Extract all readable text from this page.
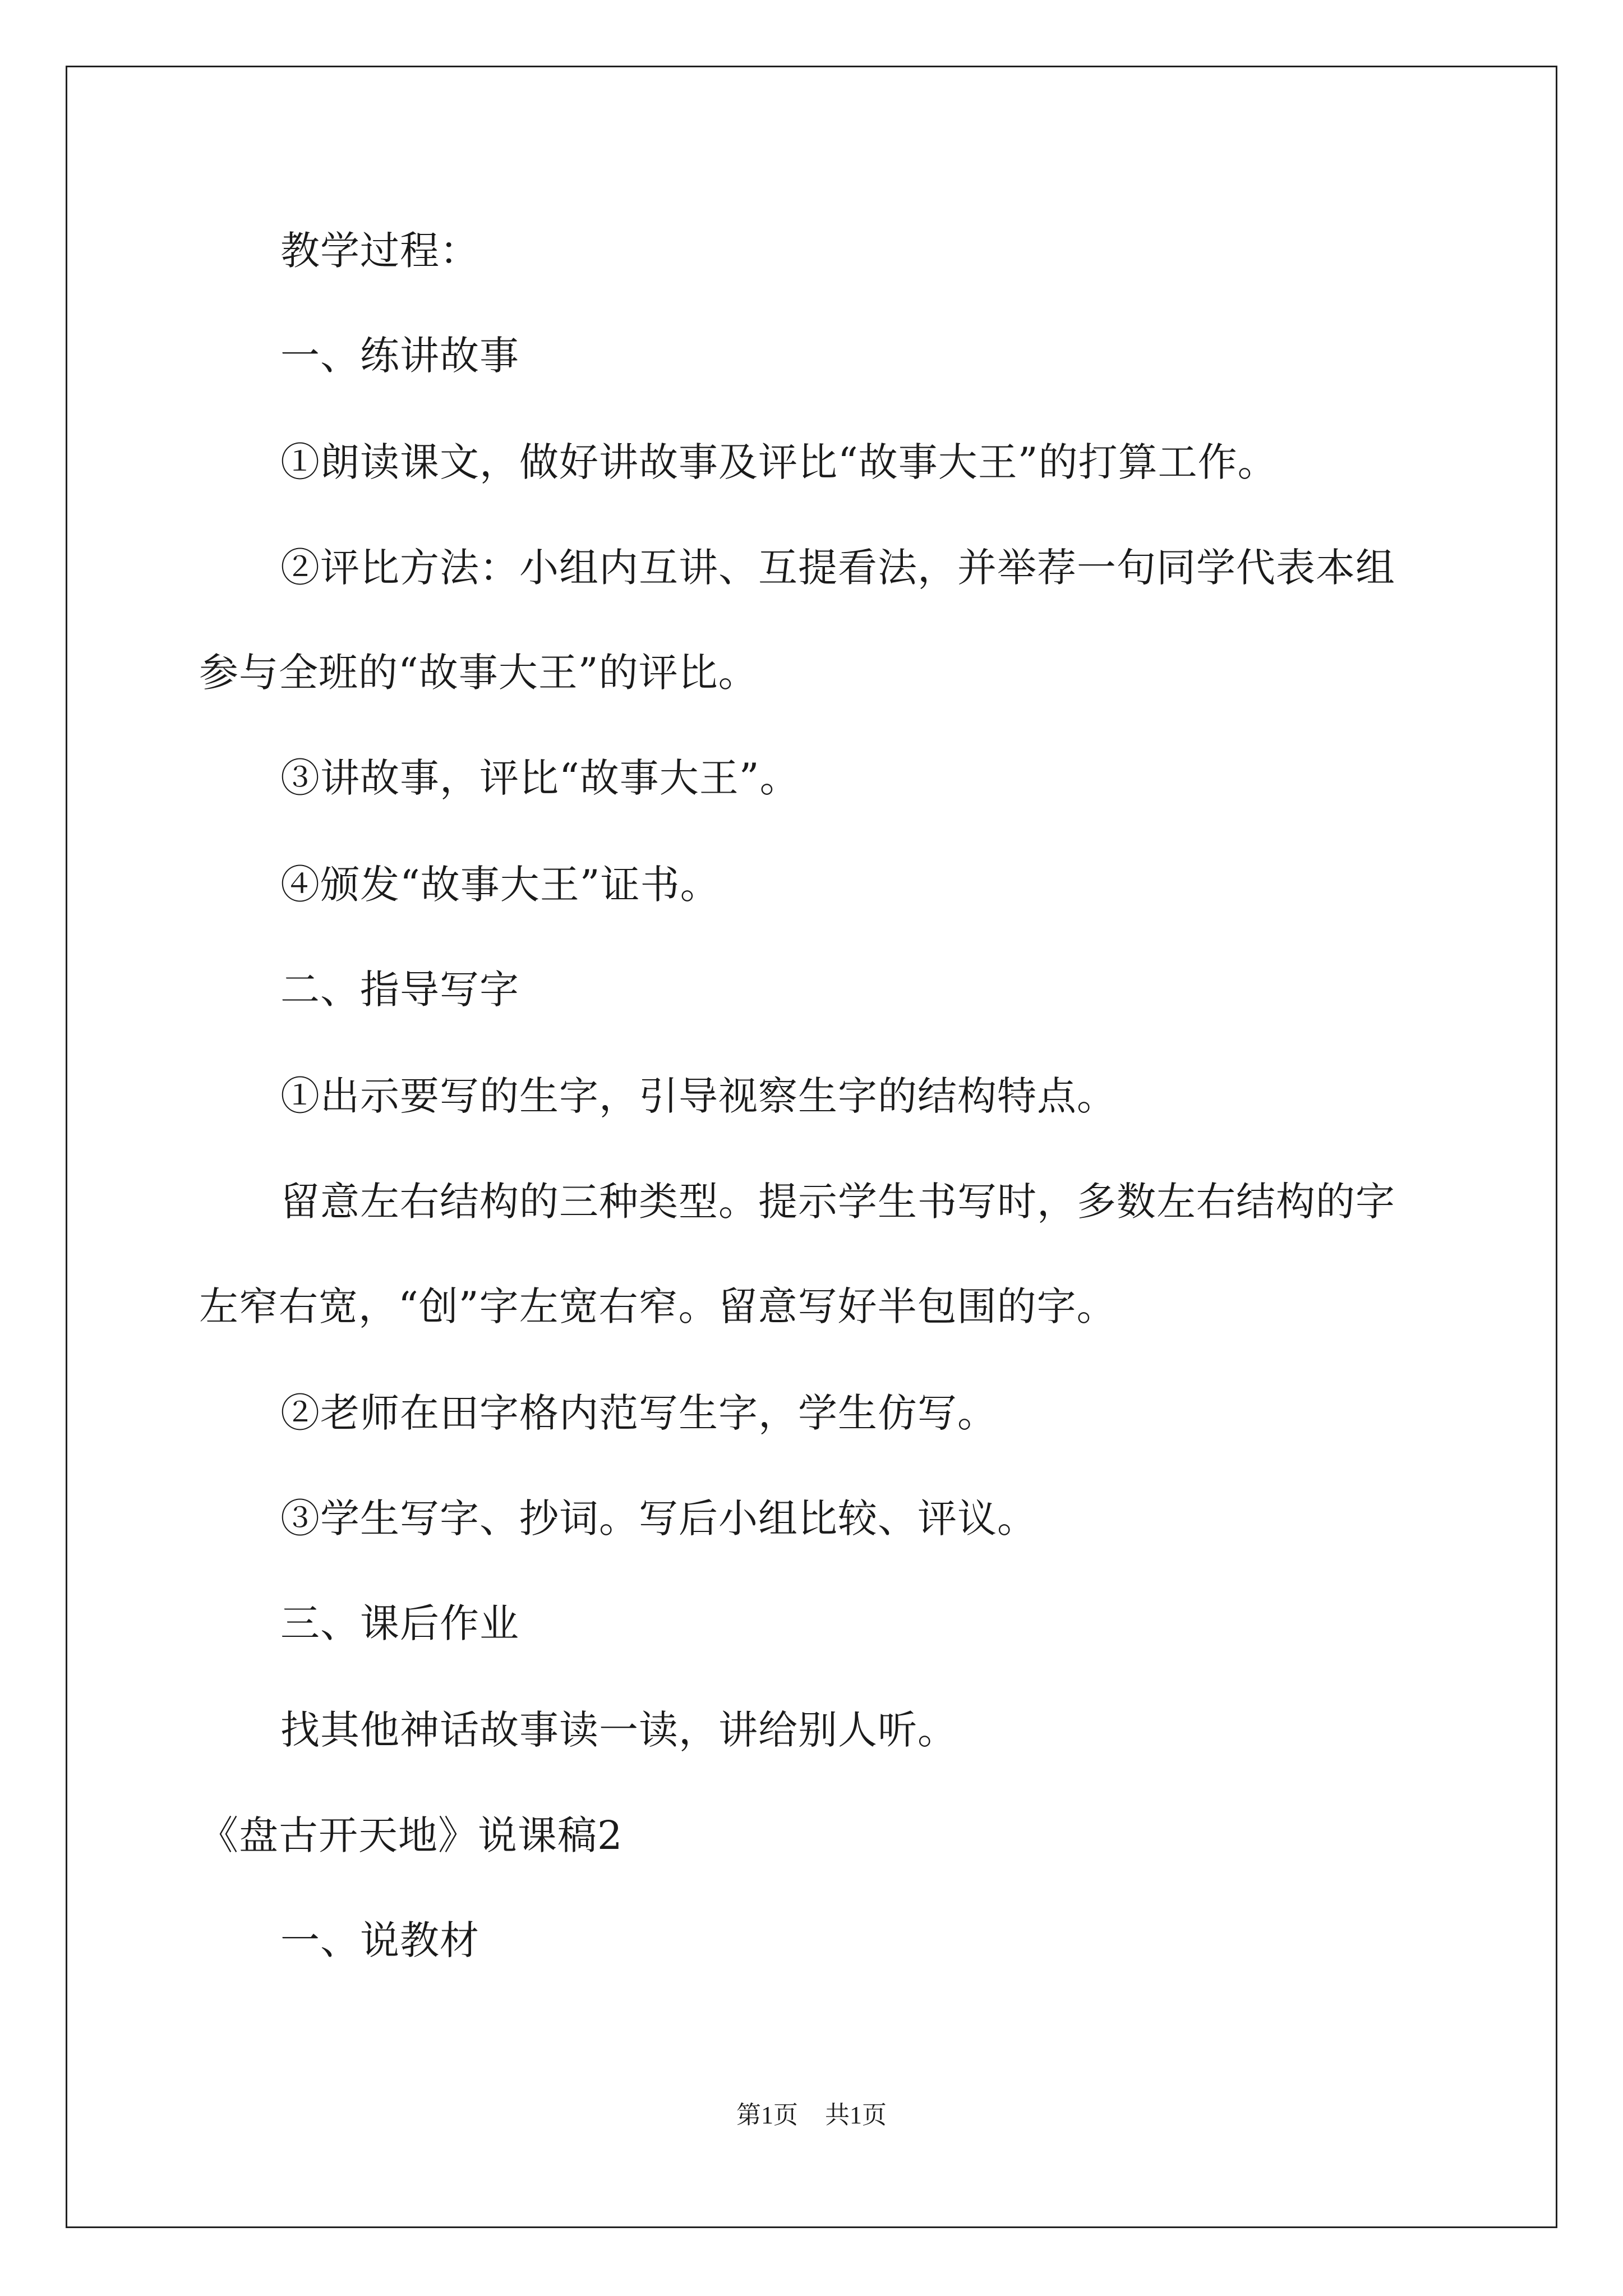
教学过程：

一、练讲故事

①朗读课文，做好讲故事及评比“故事大王”的打算工作。

②评比方法：小组内互讲、互提看法，并举荐一句同学代表本组

参与全班的“故事大王”的评比。

③讲故事，评比“故事大王”。

④颁发“故事大王”证书。

二、指导写字

①出示要写的生字，引导视察生字的结构特点。

留意左右结构的三种类型。提示学生书写时，多数左右结构的字

左窄右宽，“创”字左宽右窄。留意写好半包围的字。

②老师在田字格内范写生字，学生仿写。

③学生写字、抄词。写后小组比较、评议。

三、课后作业

找其他神话故事读一读，讲给别人听。

《盘古开天地》说课稿2

一、说教材

第1页 共1页
